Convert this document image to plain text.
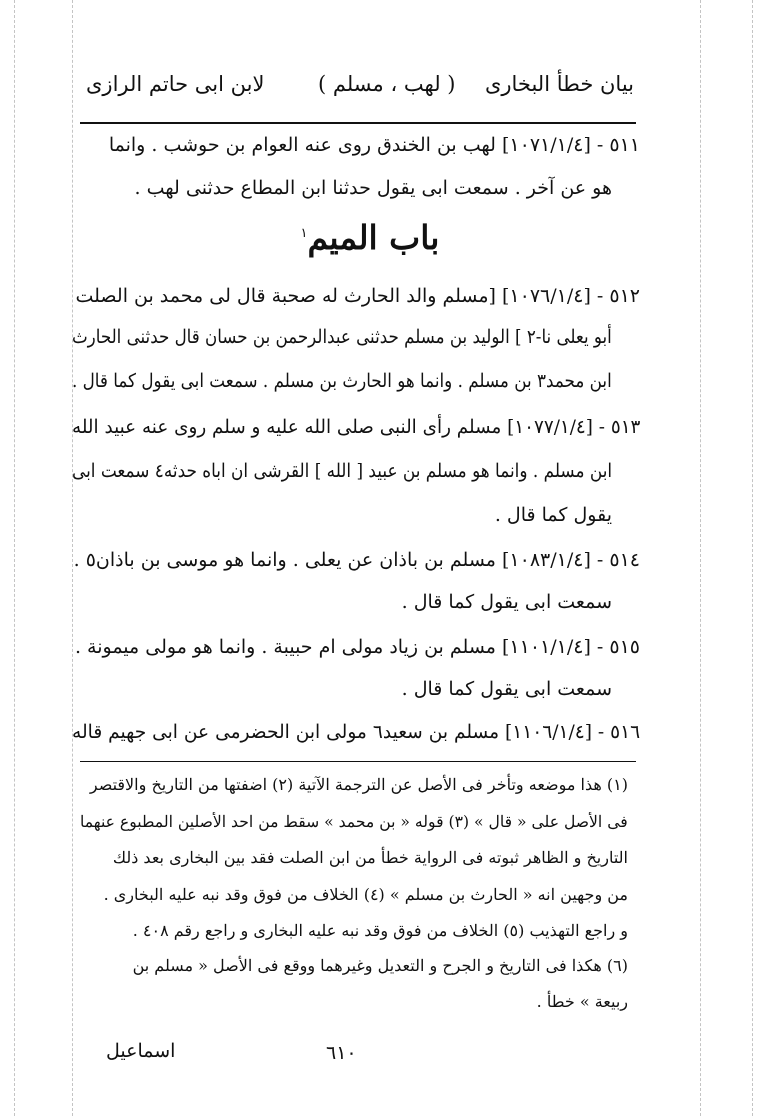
بيان خطأ البخارى
( لهب ، مسلم )
لابن ابى حاتم الرازى
٥١١ - [١٠٧١/١/٤] لهب بن الخندق روى عنه العوام بن حوشب . وانما
هو عن آخر . سمعت ابى يقول حدثنا ابن المطاع حدثنى لهب .
٥١٢ - [١٠٧٦/١/٤] [مسلم والد الحارث له صحبة قال لى محمد بن الصلت
أبو يعلى نا-٢ ] الوليد بن مسلم حدثنى عبدالرحمن بن حسان قال حدثنى الحارث
ابن محمد٣ بن مسلم . وانما هو الحارث بن مسلم . سمعت ابى يقول كما قال .
٥١٣ - [١٠٧٧/١/٤] مسلم رأى النبى صلى الله عليه و سلم روى عنه عبيد الله
ابن مسلم . وانما هو مسلم بن عبيد [ الله ] القرشى ان اباه حدثه٤ سمعت ابى
يقول كما قال .
٥١٤ - [١٠٨٣/١/٤] مسلم بن باذان عن يعلى . وانما هو موسى بن باذان٥ .
سمعت ابى يقول كما قال .
٥١٥ - [١١٠١/١/٤] مسلم بن زياد مولى ام حبيبة . وانما هو مولى ميمونة .
سمعت ابى يقول كما قال .
٥١٦ - [١١٠٦/١/٤] مسلم بن سعيد٦ مولى ابن الحضرمى عن ابى جهيم قاله
باب الميم$^١$
(١) هذا موضعه وتأخر فى الأصل عن الترجمة الآتية (٢) اضفتها من التاريخ والاقتصر
فى الأصل على « قال » (٣) قوله « بن محمد » سقط من احد الأصلين المطبوع عنهما
التاريخ و الظاهر ثبوته فى الرواية خطأ من ابن الصلت فقد بين البخارى بعد ذلك
من وجهين انه « الحارث بن مسلم » (٤) الخلاف من فوق وقد نبه عليه البخارى .
و راجع التهذيب (٥) الخلاف من فوق وقد نبه عليه البخارى و راجع رقم ٤٠٨ .
(٦) هكذا فى التاريخ و الجرح و التعديل وغيرهما ووقع فى الأصل « مسلم بن
ربيعة » خطأ .
٦١٠
اسماعيل
